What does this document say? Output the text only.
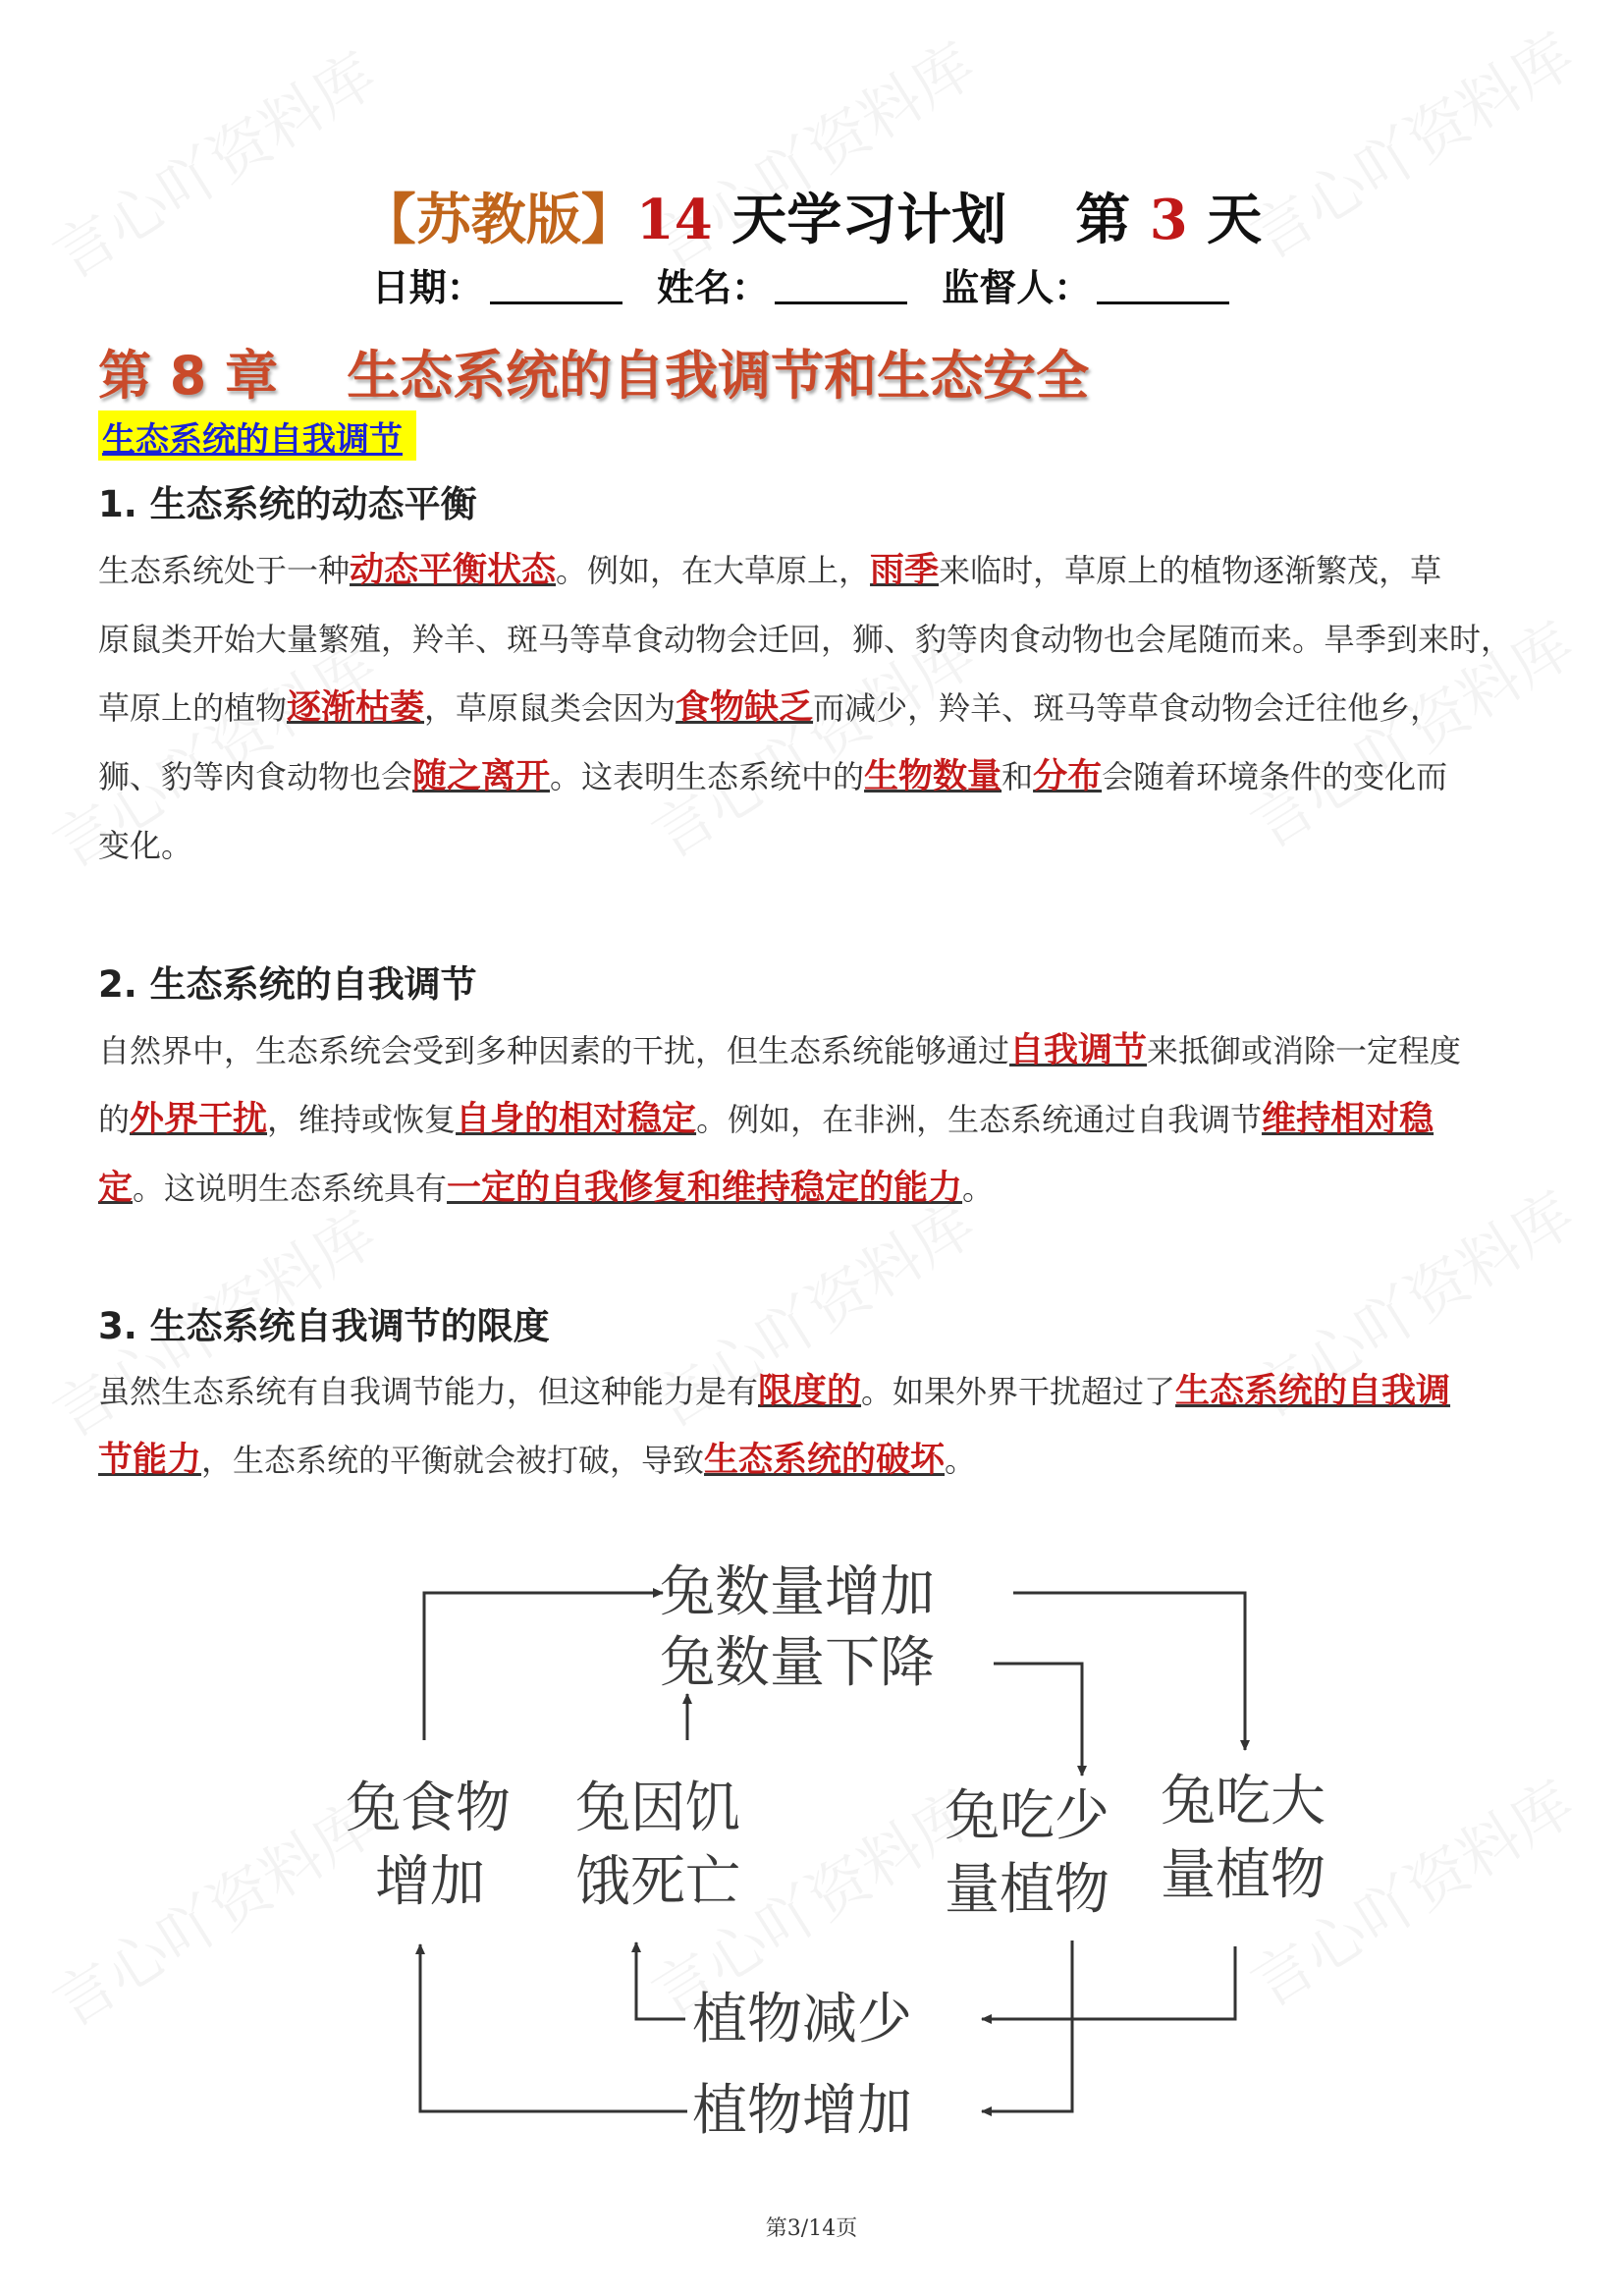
【苏教版】14 天学习计划 第 3 天
日期：	姓名：	监督人：
第 8 章 生态系统的自我调节和生态安全
生态系统的自我调节
1. 生态系统的动态平衡
生态系统处于一种动态平衡状态。例如，在大草原上，雨季来临时，草原上的植物逐渐繁茂，草
原鼠类开始大量繁殖，羚羊、斑马等草食动物会迁回，狮、豹等肉食动物也会尾随而来。旱季到来时，
草原上的植物逐渐枯萎，草原鼠类会因为食物缺乏而减少，羚羊、斑马等草食动物会迁往他乡，
狮、豹等肉食动物也会随之离开。这表明生态系统中的生物数量和分布会随着环境条件的变化而
变化。
2. 生态系统的自我调节
自然界中，生态系统会受到多种因素的干扰，但生态系统能够通过自我调节来抵御或消除一定程度
的外界干扰，维持或恢复自身的相对稳定。例如，在非洲，生态系统通过自我调节维持相对稳
定。这说明生态系统具有一定的自我修复和维持稳定的能力。
3. 生态系统自我调节的限度
虽然生态系统有自我调节能力，但这种能力是有限度的。如果外界干扰超过了生态系统的自我调
节能力，生态系统的平衡就会被打破，导致生态系统的破坏。
兔数量增加
兔数量下降
兔食物
增加
兔因饥
饿死亡
兔吃少
量植物
兔吃大
量植物
植物减少
植物增加
第3/14页
